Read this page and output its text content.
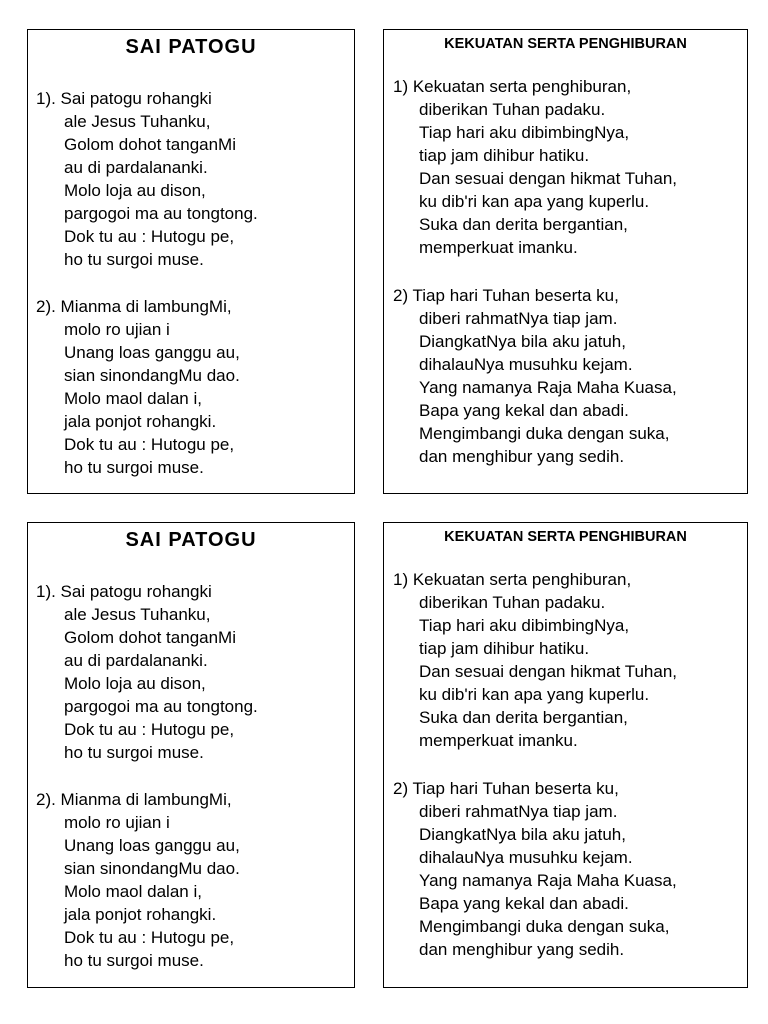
SAI PATOGU
1). Sai patogu rohangki
ale Jesus Tuhanku,
Golom dohot tanganMi
au di pardalananki.
Molo loja au dison,
pargogoi ma au tongtong.
Dok tu au : Hutogu pe,
ho tu surgoi muse.
2). Mianma di lambungMi,
molo ro ujian i
Unang loas ganggu au,
sian sinondangMu dao.
Molo maol dalan i,
jala ponjot rohangki.
Dok tu au : Hutogu pe,
ho tu surgoi muse.
KEKUATAN SERTA PENGHIBURAN
1) Kekuatan serta penghiburan,
diberikan Tuhan padaku.
Tiap hari aku dibimbingNya,
tiap jam dihibur hatiku.
Dan sesuai dengan hikmat Tuhan,
ku dib'ri kan apa yang kuperlu.
Suka dan derita bergantian,
memperkuat imanku.
2) Tiap hari Tuhan beserta ku,
diberi rahmatNya tiap jam.
DiangkatNya bila aku jatuh,
dihalauNya musuhku kejam.
Yang namanya Raja Maha Kuasa,
Bapa yang kekal dan abadi.
Mengimbangi duka dengan suka,
dan menghibur yang sedih.
SAI PATOGU
1). Sai patogu rohangki
ale Jesus Tuhanku,
Golom dohot tanganMi
au di pardalananki.
Molo loja au dison,
pargogoi ma au tongtong.
Dok tu au : Hutogu pe,
ho tu surgoi muse.
2). Mianma di lambungMi,
molo ro ujian i
Unang loas ganggu au,
sian sinondangMu dao.
Molo maol dalan i,
jala ponjot rohangki.
Dok tu au : Hutogu pe,
ho tu surgoi muse.
KEKUATAN SERTA PENGHIBURAN
1) Kekuatan serta penghiburan,
diberikan Tuhan padaku.
Tiap hari aku dibimbingNya,
tiap jam dihibur hatiku.
Dan sesuai dengan hikmat Tuhan,
ku dib'ri kan apa yang kuperlu.
Suka dan derita bergantian,
memperkuat imanku.
2) Tiap hari Tuhan beserta ku,
diberi rahmatNya tiap jam.
DiangkatNya bila aku jatuh,
dihalauNya musuhku kejam.
Yang namanya Raja Maha Kuasa,
Bapa yang kekal dan abadi.
Mengimbangi duka dengan suka,
dan menghibur yang sedih.
